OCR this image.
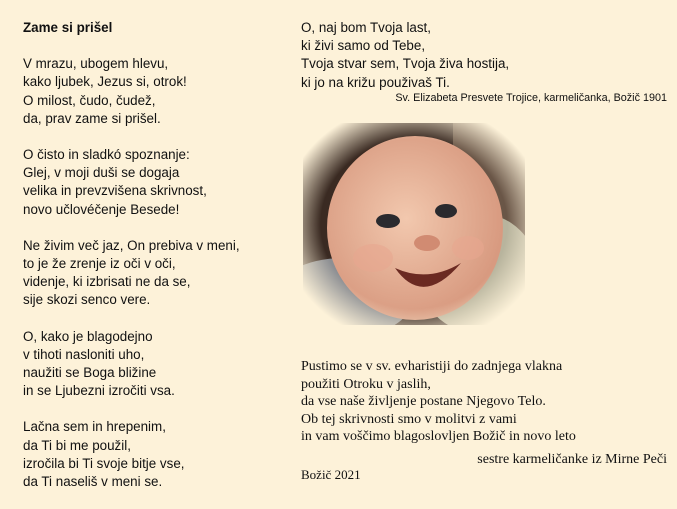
Zame si prišel
V mrazu, ubogem hlevu,
kako ljubek, Jezus si, otrok!
O milost, čudo, čudež,
da, prav zame si prišel.
O čisto in sladkó spoznanje:
Glej, v moji duši se dogaja
velika in prevzvišena skrivnost,
novo učlovéčenje Besede!
Ne živim več jaz, On prebiva v meni,
to je že zrenje iz oči v oči,
videnje, ki izbrisati ne da se,
sije skozi senco vere.
O, kako je blagodejno
v tihoti nasloniti uho,
naužiti se Boga bližine
in se Ljubezni izročiti vsa.
Lačna sem in hrepenim,
da Ti bi me použil,
izročila bi Ti svoje bitje vse,
da Ti naseliš v meni se.
O, naj bom Tvoja last,
ki živi samo od Tebe,
Tvoja stvar sem, Tvoja živa hostija,
ki jo na križu použivaš Ti.
Sv. Elizabeta Presvete Trojice, karmeličanka, Božič 1901
Pustimo se v sv. evharistiji do zadnjega vlakna
použiti Otroku v jaslih,
da vse naše življenje postane Njegovo Telo.
Ob tej skrivnosti smo v molitvi z vami
in vam voščimo blagoslovljen Božič in novo leto
sestre karmeličanke iz Mirne Peči
Božič 2021
